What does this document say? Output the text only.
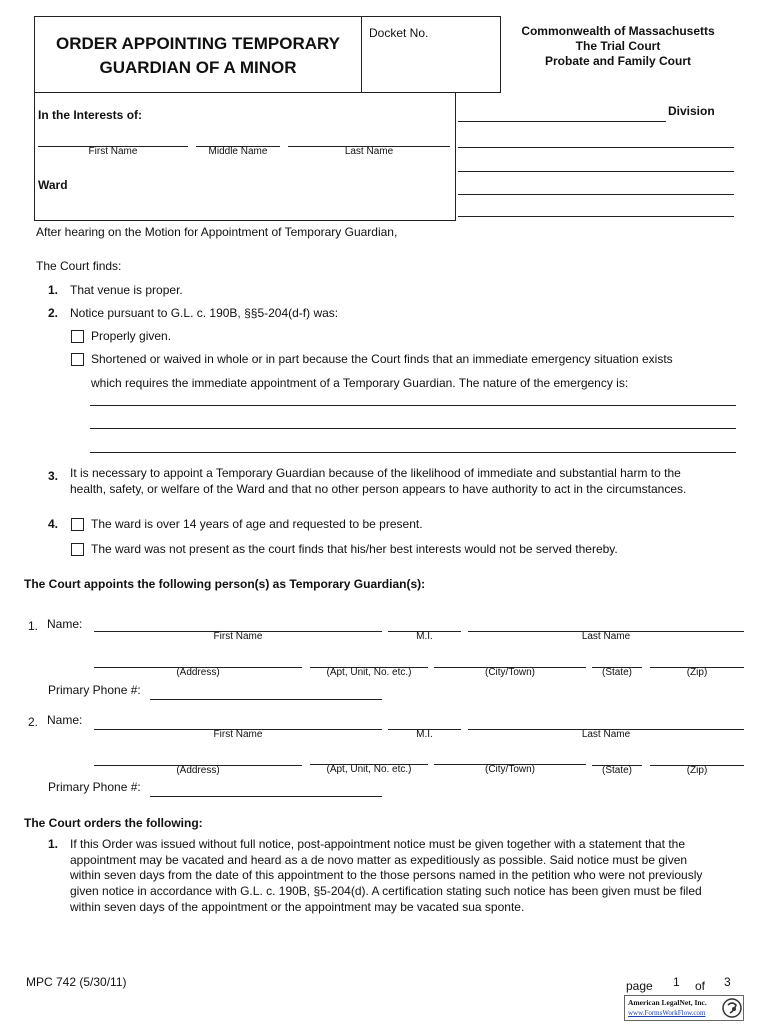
ORDER APPOINTING TEMPORARY
GUARDIAN OF A MINOR
Docket No.	Commonwealth of Massachusetts
The Trial Court
Probate and Family Court
In the Interests of:
First Name	Middle Name	Last Name
Ward
Division
After hearing on the Motion for Appointment of Temporary Guardian,
The Court finds:
1. That venue is proper.
2. Notice pursuant to G.L. c. 190B, §§5-204(d-f) was:
Properly given.
Shortened or waived in whole or in part because the Court finds that an immediate emergency situation exists
which requires the immediate appointment of a Temporary Guardian. The nature of the emergency is:
3. It is necessary to appoint a Temporary Guardian because of the likelihood of immediate and substantial harm to the
health, safety, or welfare of the Ward and that no other person appears to have authority to act in the circumstances.
4.	The ward is over 14 years of age and requested to be present.
The ward was not present as the court finds that his/her best interests would not be served thereby.
The Court appoints the following person(s) as Temporary Guardian(s):
1. Name:
First Name	M.I.	Last Name
(Address)	(Apt, Unit, No. etc.)	(City/Town)	(State)	(Zip)
Primary Phone #:
2. Name:
First Name	M.I.	Last Name
(Address)	(Apt, Unit, No. etc.)	(City/Town)	(State)	(Zip)
Primary Phone #:
The Court orders the following:
1. If this Order was issued without full notice, post-appointment notice must be given together with a statement that the
appointment may be vacated and heard as a de novo matter as expeditiously as possible. Said notice must be given
within seven days from the date of this appointment to the those persons named in the petition who were not previously
given notice in accordance with G.L. c. 190B, §5-204(d). A certification stating such notice has been given must be filed
within seven days of the appointment or the appointment may be vacated sua sponte.
MPC 742 (5/30/11)	page 1 of 3
American LegalNet, Inc.
www.FormsWorkFlow.com
